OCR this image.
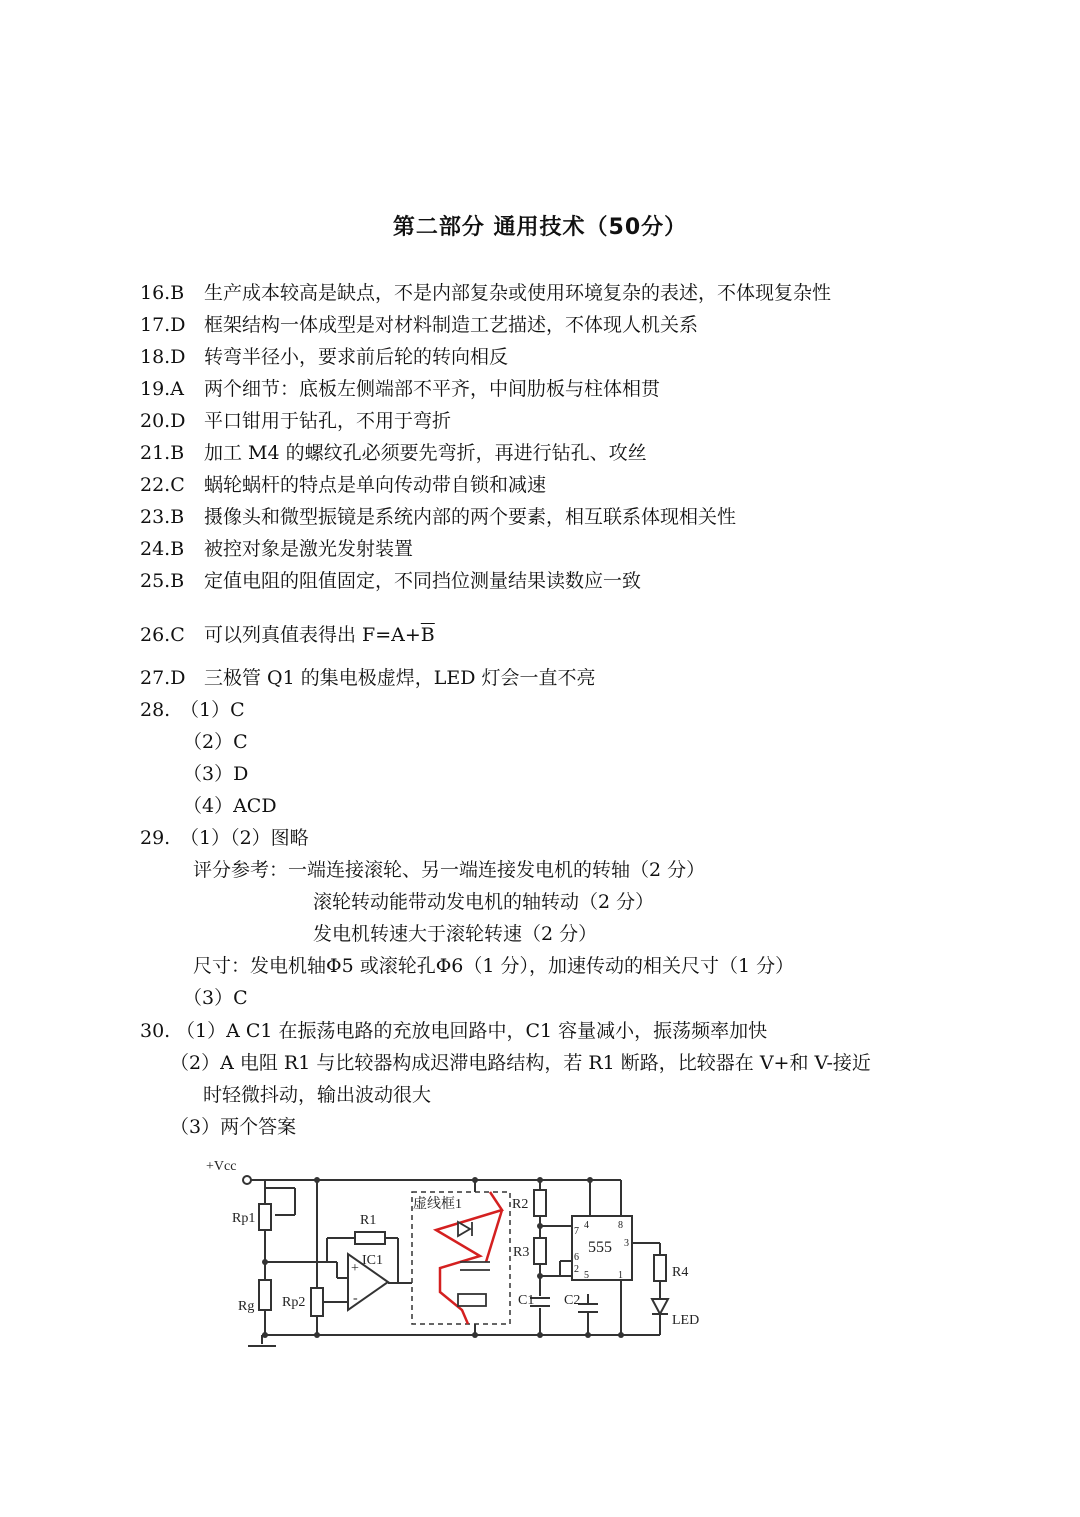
第二部分 通用技术（50分）
16.B 生产成本较高是缺点，不是内部复杂或使用环境复杂的表述，不体现复杂性
17.D 框架结构一体成型是对材料制造工艺描述，不体现人机关系
18.D 转弯半径小，要求前后轮的转向相反
19.A 两个细节：底板左侧端部不平齐，中间肋板与柱体相贯
20.D 平口钳用于钻孔，不用于弯折
21.B 加工 M4 的螺纹孔必须要先弯折，再进行钻孔、攻丝
22.C 蜗轮蜗杆的特点是单向传动带自锁和减速
23.B 摄像头和微型振镜是系统内部的两个要素，相互联系体现相关性
24.B 被控对象是激光发射装置
25.B 定值电阻的阻值固定，不同挡位测量结果读数应一致
26.C 可以列真值表得出 $F=A+\overline{B}$
27.D 三极管 Q1 的集电极虚焊，LED 灯会一直不亮
28. （1）C
（2）C
（3）D
（4）ACD
29. （1）（2）图略
评分参考：一端连接滚轮、另一端连接发电机的转轴（2 分）
滚轮转动能带动发电机的轴转动（2 分）
发电机转速大于滚轮转速（2 分）
尺寸：发电机轴Φ5 或滚轮孔Φ6（1 分），加速传动的相关尺寸（1 分）
（3）C
30. （1）A C1 在振荡电路的充放电回路中，C1 容量减小，振荡频率加快
（2）A 电阻 R1 与比较器构成迟滞电路结构，若 R1 断路，比较器在 V+和 V-接近
时轻微抖动，输出波动很大
（3）两个答案
+Vcc
Rp1	R1
IC1
+
-
Rg Rp2
虚线框1	R2
R3
C1 C2
555
R4
LED
4	8
7
3
6
2
5	1
